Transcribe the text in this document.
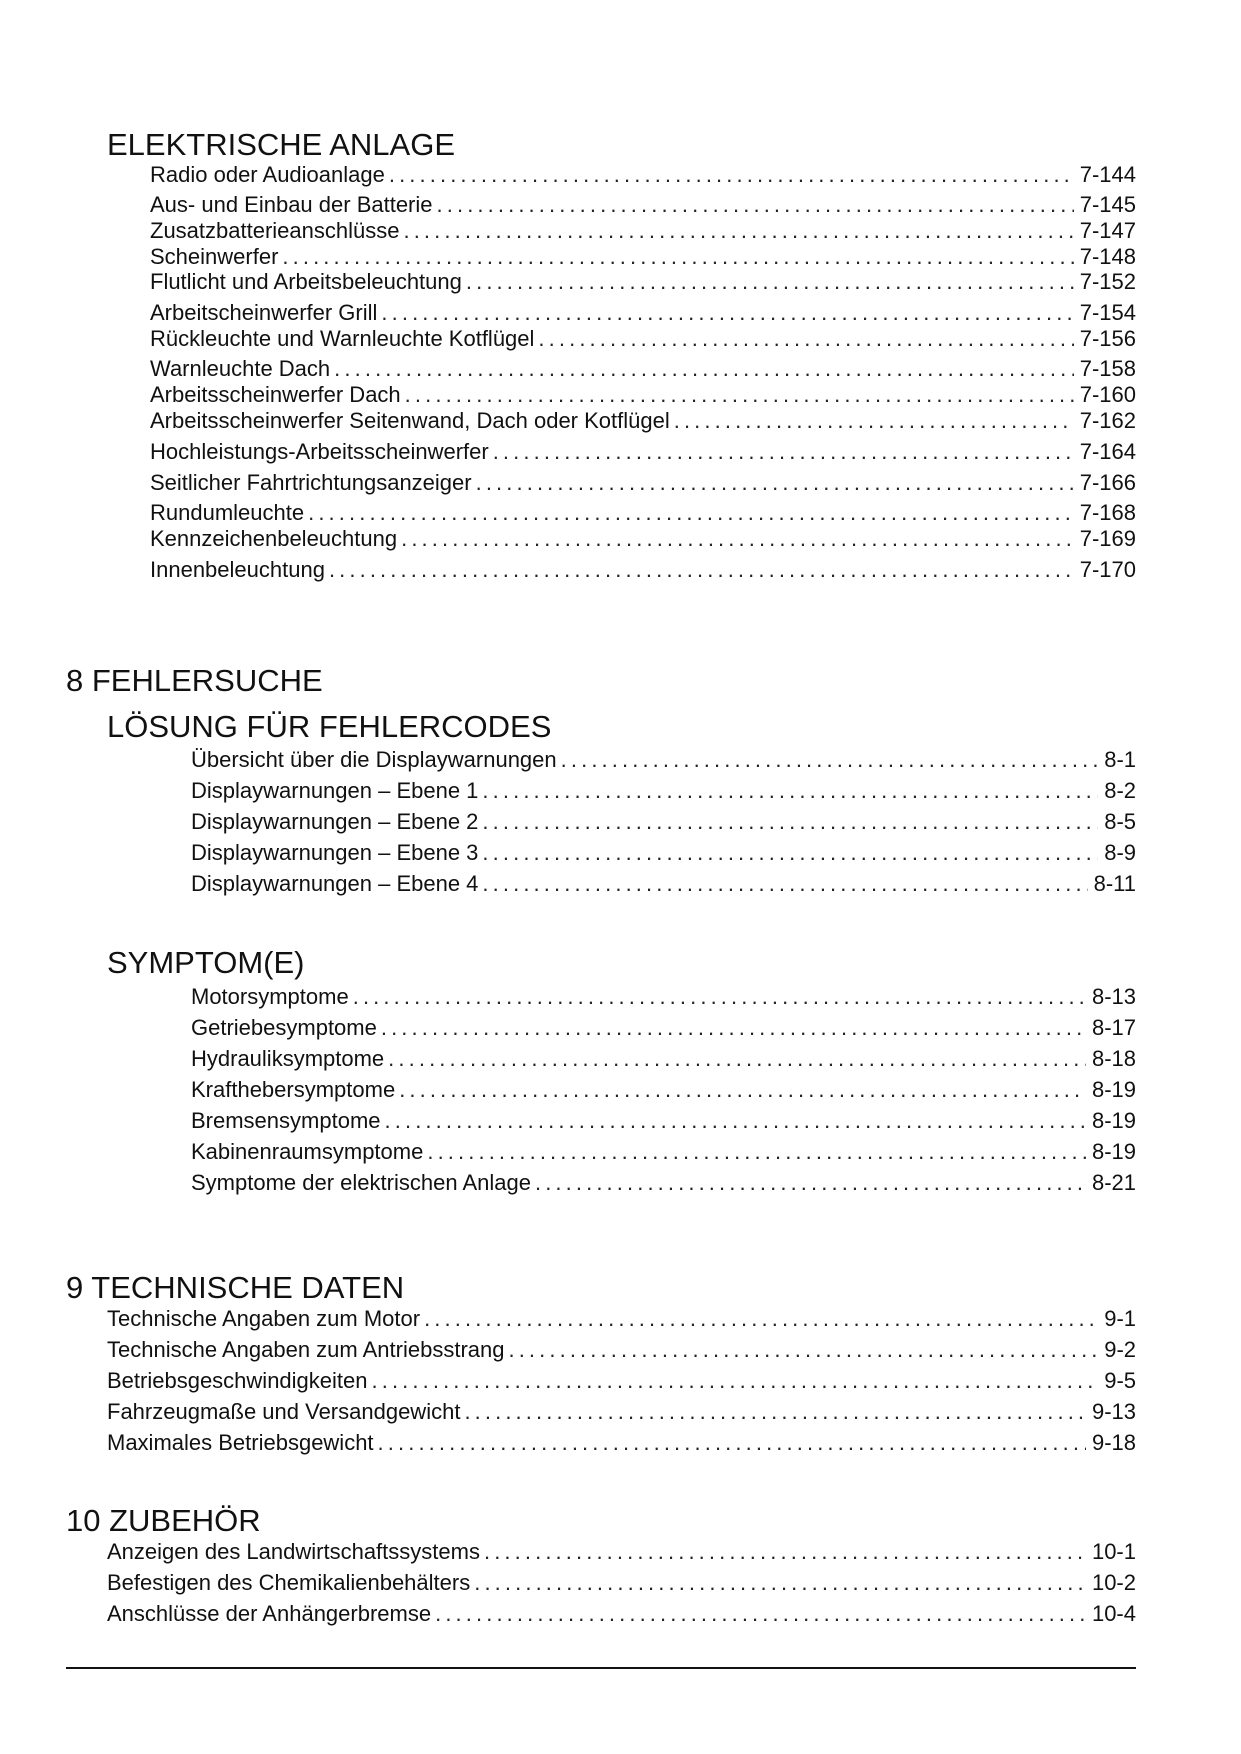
ELEKTRISCHE ANLAGE
Radio oder Audioanlage . . .	7-144
Aus- und Einbau der Batterie . . .	7-145
Zusatzbatterieanschlüsse . . .	7-147
Scheinwerfer . . .	7-148
Flutlicht und Arbeitsbeleuchtung . . .	7-152
Arbeitscheinwerfer Grill . . .	7-154
Rückleuchte und Warnleuchte Kotflügel . . .	7-156
Warnleuchte Dach . . .	7-158
Arbeitsscheinwerfer Dach . . .	7-160
Arbeitsscheinwerfer Seitenwand, Dach oder Kotflügel . . .	7-162
Hochleistungs-Arbeitsscheinwerfer . . .	7-164
Seitlicher Fahrtrichtungsanzeiger . . .	7-166
Rundumleuchte . . .	7-168
Kennzeichenbeleuchtung . . .	7-169
Innenbeleuchtung . . .	7-170
8 FEHLERSUCHE
LÖSUNG FÜR FEHLERCODES
Übersicht über die Displaywarnungen . . .	8-1
Displaywarnungen – Ebene 1 . . .	8-2
Displaywarnungen – Ebene 2 . . .	8-5
Displaywarnungen – Ebene 3 . . .	8-9
Displaywarnungen – Ebene 4 . . .	8-11
SYMPTOM(E)
Motorsymptome . . .	8-13
Getriebesymptome . . .	8-17
Hydrauliksymptome . . .	8-18
Krafthebersymptome . . .	8-19
Bremsensymptome . . .	8-19
Kabinenraumsymptome . . .	8-19
Symptome der elektrischen Anlage . . .	8-21
9 TECHNISCHE DATEN
Technische Angaben zum Motor . . .	9-1
Technische Angaben zum Antriebsstrang . . .	9-2
Betriebsgeschwindigkeiten . . .	9-5
Fahrzeugmaße und Versandgewicht . . .	9-13
Maximales Betriebsgewicht . . .	9-18
10 ZUBEHÖR
Anzeigen des Landwirtschaftssystems . . .	10-1
Befestigen des Chemikalienbehälters . . .	10-2
Anschlüsse der Anhängerbremse . . .	10-4
